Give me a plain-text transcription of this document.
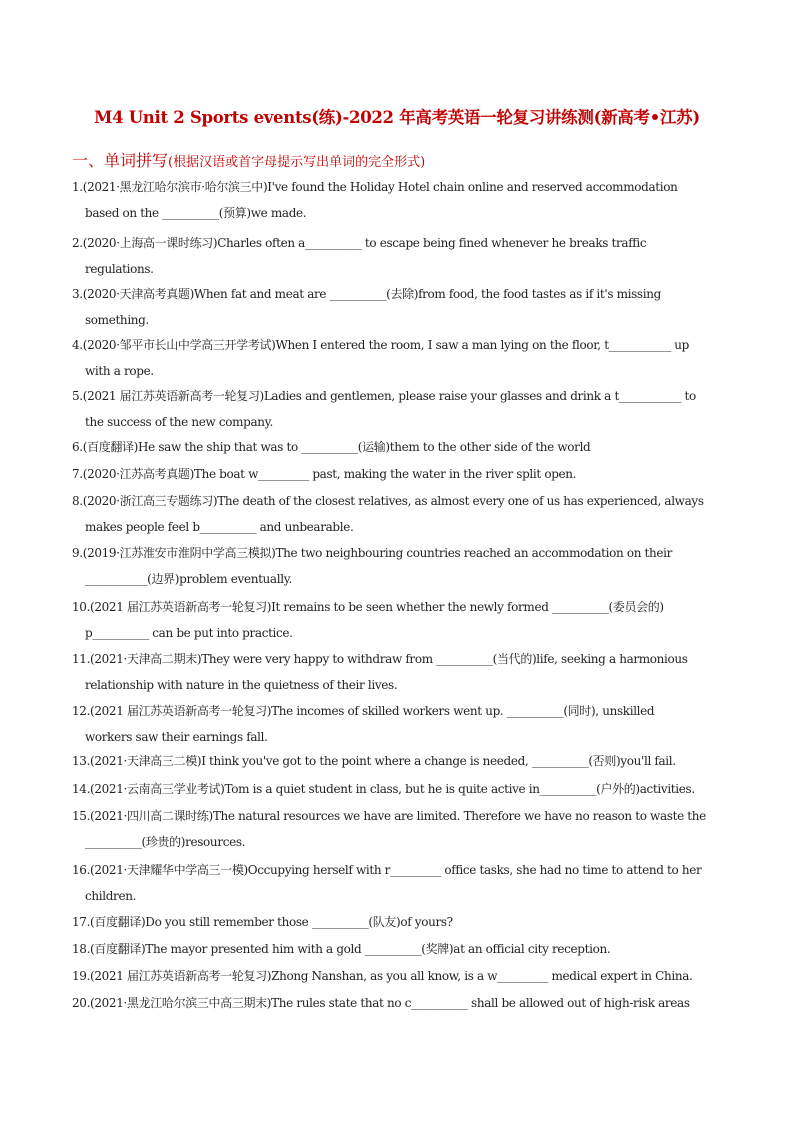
M4 Unit 2 Sports events(练)-2022 年高考英语一轮复习讲练测(新高考•江苏)
一、单词拼写(根据汉语或首字母提示写出单词的完全形式)
1.(2021·黑龙江哈尔滨市·哈尔滨三中)I've found the Holiday Hotel chain online and reserved accommodation
based on the __________(预算)we made.
2.(2020·上海高一课时练习)Charles often a__________ to escape being fined whenever he breaks traffic
regulations.
3.(2020·天津高考真题)When fat and meat are __________(去除)from food, the food tastes as if it's missing
something.
4.(2020·邹平市长山中学高三开学考试)When I entered the room, I saw a man lying on the floor, t___________ up
with a rope.
5.(2021 届江苏英语新高考一轮复习)Ladies and gentlemen, please raise your glasses and drink a t___________ to
the success of the new company.
6.(百度翻译)He saw the ship that was to __________(运输)them to the other side of the world
7.(2020·江苏高考真题)The boat w_________ past, making the water in the river split open.
8.(2020·浙江高三专题练习)The death of the closest relatives, as almost every one of us has experienced, always
makes people feel b__________ and unbearable.
9.(2019·江苏淮安市淮阴中学高三模拟)The two neighbouring countries reached an accommodation on their
___________(边界)problem eventually.
10.(2021 届江苏英语新高考一轮复习)It remains to be seen whether the newly formed __________(委员会的)
p__________ can be put into practice.
11.(2021·天津高二期末)They were very happy to withdraw from __________(当代的)life, seeking a harmonious
relationship with nature in the quietness of their lives.
12.(2021 届江苏英语新高考一轮复习)The incomes of skilled workers went up. __________(同时), unskilled
workers saw their earnings fall.
13.(2021·天津高三二模)I think you've got to the point where a change is needed, __________(否则)you'll fail.
14.(2021·云南高三学业考试)Tom is a quiet student in class, but he is quite active in__________(户外的)activities.
15.(2021·四川高二课时练)The natural resources we have are limited. Therefore we have no reason to waste the
__________(珍贵的)resources.
16.(2021·天津耀华中学高三一模)Occupying herself with r_________ office tasks, she had no time to attend to her
children.
17.(百度翻译)Do you still remember those __________(队友)of yours?
18.(百度翻译)The mayor presented him with a gold __________(奖牌)at an official city reception.
19.(2021 届江苏英语新高考一轮复习)Zhong Nanshan, as you all know, is a w_________ medical expert in China.
20.(2021·黑龙江哈尔滨三中高三期末)The rules state that no c__________ shall be allowed out of high-risk areas
